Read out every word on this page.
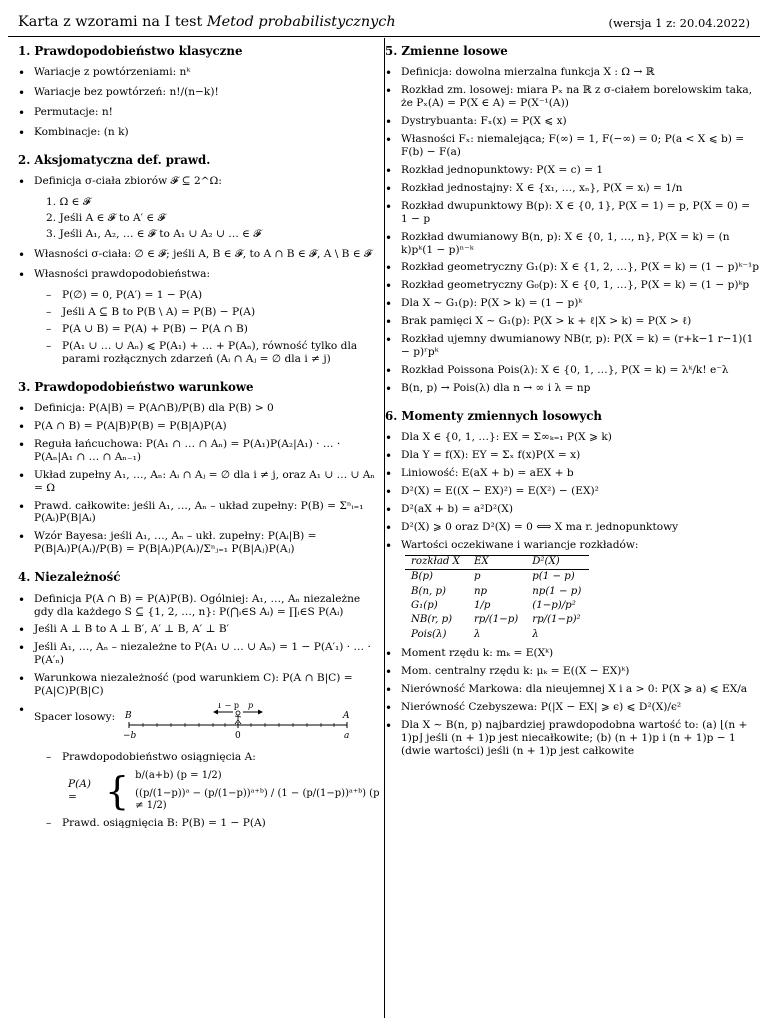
Karta z wzorami na I test Metod probabilistycznych	(wersja 1 z: 20.04.2022)
1. Prawdopodobieństwo klasyczne
• Wariacje z powtórzeniami: nᵏ
• Wariacje bez powtórzeń: n!/(n−k)!
• Permutacje: n!
• Kombinacje: (n k)
2. Aksjomatyczna def. prawd.
• Definicja σ-ciała zbiorów 𝓕 ⊆ 2^Ω:
1. Ω ∈ 𝓕
2. Jeśli A ∈ 𝓕 to A′ ∈ 𝓕
3. Jeśli A₁, A₂, … ∈ 𝓕 to A₁ ∪ A₂ ∪ … ∈ 𝓕
• Własności σ-ciała: ∅ ∈ 𝓕; jeśli A, B ∈ 𝓕, to A ∩ B ∈ 𝓕, A \ B ∈ 𝓕
• Własności prawdopodobieństwa:
– P(∅) = 0, P(A′) = 1 − P(A)
– Jeśli A ⊆ B to P(B \ A) = P(B) − P(A)
– P(A ∪ B) = P(A) + P(B) − P(A ∩ B)
– P(A₁ ∪ … ∪ Aₙ) ⩽ P(A₁) + … + P(Aₙ), równość tylko dla parami rozłącznych zdarzeń (Aᵢ ∩ Aⱼ = ∅ dla i ≠ j)
3. Prawdopodobieństwo warunkowe
• Definicja: P(A|B) = P(A∩B)/P(B) dla P(B) > 0
• P(A ∩ B) = P(A|B)P(B) = P(B|A)P(A)
• Reguła łańcuchowa: P(A₁ ∩ … ∩ Aₙ) = P(A₁)P(A₂|A₁) · … · P(Aₙ|A₁ ∩ … ∩ Aₙ₋₁)
• Układ zupełny A₁, …, Aₙ: Aᵢ ∩ Aⱼ = ∅ dla i ≠ j, oraz A₁ ∪ … ∪ Aₙ = Ω
• Prawd. całkowite: jeśli A₁, …, Aₙ – układ zupełny: P(B) = Σⁿᵢ₌₁ P(Aᵢ)P(B|Aᵢ)
• Wzór Bayesa: jeśli A₁, …, Aₙ – ukł. zupełny: P(Aᵢ|B) = P(B|Aᵢ)P(Aᵢ)/P(B) = P(B|Aᵢ)P(Aᵢ)/Σⁿⱼ₌₁ P(B|Aⱼ)P(Aⱼ)
4. Niezależność
• Definicja P(A ∩ B) = P(A)P(B). Ogólniej: A₁, …, Aₙ niezależne gdy dla każdego S ⊆ {1, 2, …, n}: P(⋂ᵢ∈S Aᵢ) = ∏ᵢ∈S P(Aᵢ)
• Jeśli A ⊥ B to A ⊥ B′, A′ ⊥ B, A′ ⊥ B′
• Jeśli A₁, …, Aₙ – niezależne to P(A₁ ∪ … ∪ Aₙ) = 1 − P(A′₁) · … · P(A′ₙ)
• Warunkowa niezależność (pod warunkiem C): P(A ∩ B|C) = P(A|C)P(B|C)
• Spacer losowy:
1 − p p
B	A
−b	0	a
– Prawdopodobieństwo osiągnięcia A:
P(A) = { b/(a+b) (p = 1/2)
((p/(1−p))ᵃ − (p/(1−p))ᵃ⁺ᵇ) / (1 − (p/(1−p))ᵃ⁺ᵇ) (p ≠ 1/2)
– Prawd. osiągnięcia B: P(B) = 1 − P(A)
5. Zmienne losowe
• Definicja: dowolna mierzalna funkcja X : Ω → ℝ
• Rozkład zm. losowej: miara Pₓ na ℝ z σ-ciałem borelowskim taka, że Pₓ(A) = P(X ∈ A) = P(X⁻¹(A))
• Dystrybuanta: Fₓ(x) = P(X ⩽ x)
• Własności Fₓ: niemalejąca; F(∞) = 1, F(−∞) = 0; P(a < X ⩽ b) = F(b) − F(a)
• Rozkład jednopunktowy: P(X = c) = 1
• Rozkład jednostajny: X ∈ {x₁, …, xₙ}, P(X = xᵢ) = 1/n
• Rozkład dwupunktowy B(p): X ∈ {0, 1}, P(X = 1) = p, P(X = 0) = 1 − p
• Rozkład dwumianowy B(n, p): X ∈ {0, 1, …, n}, P(X = k) = (n k)pᵏ(1 − p)ⁿ⁻ᵏ
• Rozkład geometryczny G₁(p): X ∈ {1, 2, …}, P(X = k) = (1 − p)ᵏ⁻¹p
• Rozkład geometryczny G₀(p): X ∈ {0, 1, …}, P(X = k) = (1 − p)ᵏp
• Dla X ∼ G₁(p): P(X > k) = (1 − p)ᵏ
• Brak pamięci X ∼ G₁(p): P(X > k + ℓ|X > k) = P(X > ℓ)
• Rozkład ujemny dwumianowy NB(r, p): P(X = k) = (r+k−1 r−1)(1 − p)ʳpᵏ
• Rozkład Poissona Pois(λ): X ∈ {0, 1, …}, P(X = k) = λᵏ/k! e⁻λ
• B(n, p) → Pois(λ) dla n → ∞ i λ = np
6. Momenty zmiennych losowych
• Dla X ∈ {0, 1, …}: EX = Σ∞ₖ₌₁ P(X ⩾ k)
• Dla Y = f(X): EY = Σₓ f(x)P(X = x)
• Liniowość: E(aX + b) = aEX + b
• D²(X) = E((X − EX)²) = E(X²) − (EX)²
• D²(aX + b) = a²D²(X)
• D²(X) ⩾ 0 oraz D²(X) = 0 ⟺ X ma r. jednopunktowy
• Wartości oczekiwane i wariancje rozkładów:
rozkład X	EX	D²(X)
B(p)	p	p(1 − p)
B(n, p)	np	np(1 − p)
G₁(p)	1/p	(1−p)/p²
NB(r, p)	rp/(1−p)	rp/(1−p)²
Pois(λ)	λ	λ
• Moment rzędu k: mₖ = E(Xᵏ)
• Mom. centralny rzędu k: μₖ = E((X − EX)ᵏ)
• Nierówność Markowa: dla nieujemnej X i a > 0: P(X ⩾ a) ⩽ EX/a
• Nierówność Czebyszewa: P(|X − EX| ⩾ ϵ) ⩽ D²(X)/ϵ²
• Dla X ∼ B(n, p) najbardziej prawdopodobna wartość to: (a) ⌊(n + 1)p⌋ jeśli (n + 1)p jest niecałkowite; (b) (n + 1)p i (n + 1)p − 1 (dwie wartości) jeśli (n + 1)p jest całkowite
